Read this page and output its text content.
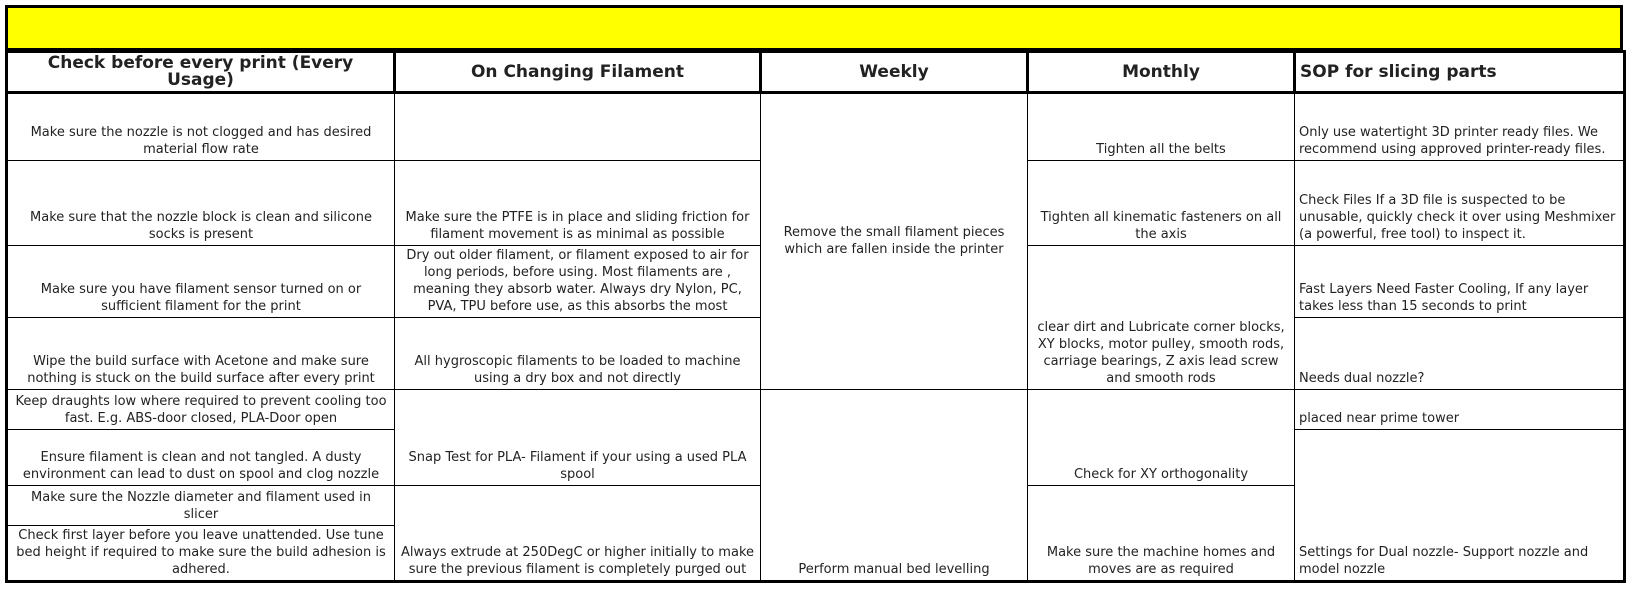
Check before every print (Every Usage)	On Changing Filament	Weekly	Monthly	SOP for slicing parts
Make sure the nozzle is not clogged and has desired material flow rate		Remove the small filament pieces which are fallen inside the printer	Tighten all the belts	Only use watertight 3D printer ready files. We recommend using approved printer-ready files.
Make sure that the nozzle block is clean and silicone socks is present	Make sure the PTFE is in place and sliding friction for filament movement is as minimal as possible		Tighten all kinematic fasteners on all the axis	Check Files If a 3D file is suspected to be unusable, quickly check it over using Meshmixer (a powerful, free tool) to inspect it.
Make sure you have filament sensor turned on or sufficient filament for the print	Dry out older filament, or filament exposed to air for long periods, before using. Most filaments are , meaning they absorb water. Always dry Nylon, PC, PVA, TPU before use, as this absorbs the most		clear dirt and Lubricate corner blocks, XY blocks, motor pulley, smooth rods, carriage bearings, Z axis lead screw and smooth rods	Fast Layers Need Faster Cooling, If any layer takes less than 15 seconds to print
Wipe the build surface with Acetone and make sure nothing is stuck on the build surface after every print	All hygroscopic filaments to be loaded to machine using a dry box and not directly			Needs dual nozzle?
Keep draughts low where required to prevent cooling too fast. E.g. ABS-door closed, PLA-Door open	Snap Test for PLA- Filament if your using a used PLA spool	Perform manual bed levelling	Check for XY orthogonality	placed near prime tower
Ensure filament is clean and not tangled. A dusty environment can lead to dust on spool and clog nozzle				Settings for Dual nozzle- Support nozzle and model nozzle
Make sure the Nozzle diameter and filament used in slicer	Always extrude at 250DegC or higher initially to make sure the previous filament is completely purged out		Make sure the machine homes and moves are as required	
Check first layer before you leave unattended. Use tune bed height if required to make sure the build adhesion is adhered.				
